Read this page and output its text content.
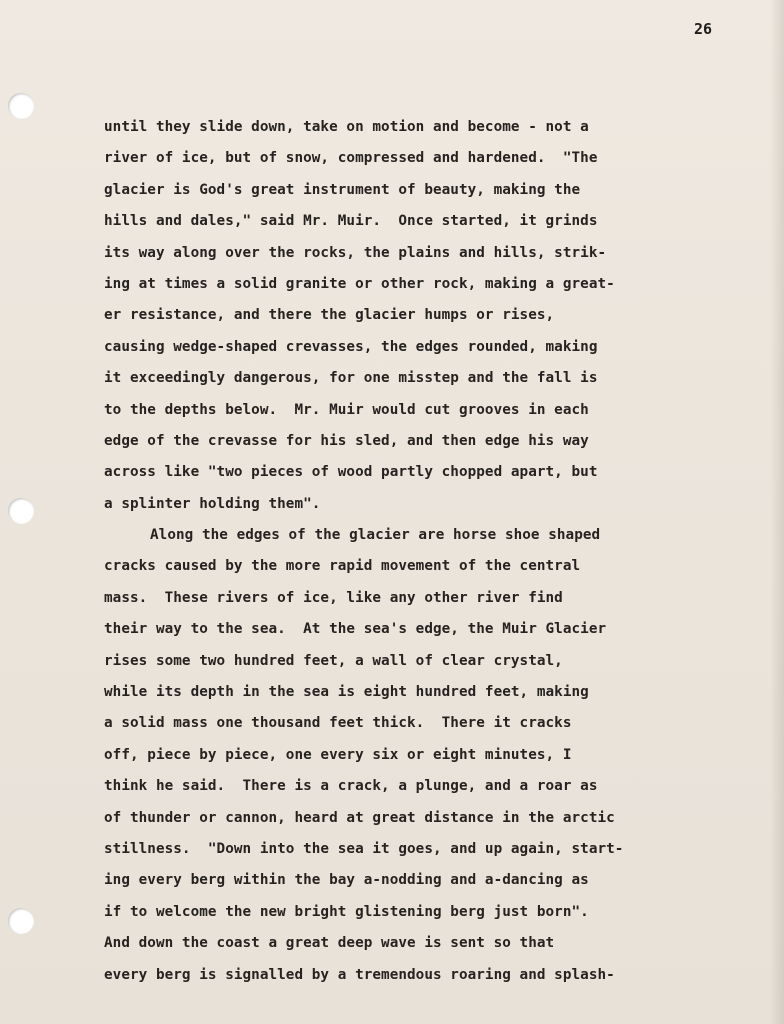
26
until they slide down, take on motion and become - not a
river of ice, but of snow, compressed and hardened.  "The
glacier is God's great instrument of beauty, making the
hills and dales," said Mr. Muir.  Once started, it grinds
its way along over the rocks, the plains and hills, strik-
ing at times a solid granite or other rock, making a great-
er resistance, and there the glacier humps or rises,
causing wedge-shaped crevasses, the edges rounded, making
it exceedingly dangerous, for one misstep and the fall is
to the depths below.  Mr. Muir would cut grooves in each
edge of the crevasse for his sled, and then edge his way
across like "two pieces of wood partly chopped apart, but
a splinter holding them".
Along the edges of the glacier are horse shoe shaped
cracks caused by the more rapid movement of the central
mass.  These rivers of ice, like any other river find
their way to the sea.  At the sea's edge, the Muir Glacier
rises some two hundred feet, a wall of clear crystal,
while its depth in the sea is eight hundred feet, making
a solid mass one thousand feet thick.  There it cracks
off, piece by piece, one every six or eight minutes, I
think he said.  There is a crack, a plunge, and a roar as
of thunder or cannon, heard at great distance in the arctic
stillness.  "Down into the sea it goes, and up again, start-
ing every berg within the bay a-nodding and a-dancing as
if to welcome the new bright glistening berg just born".
And down the coast a great deep wave is sent so that
every berg is signalled by a tremendous roaring and splash-
